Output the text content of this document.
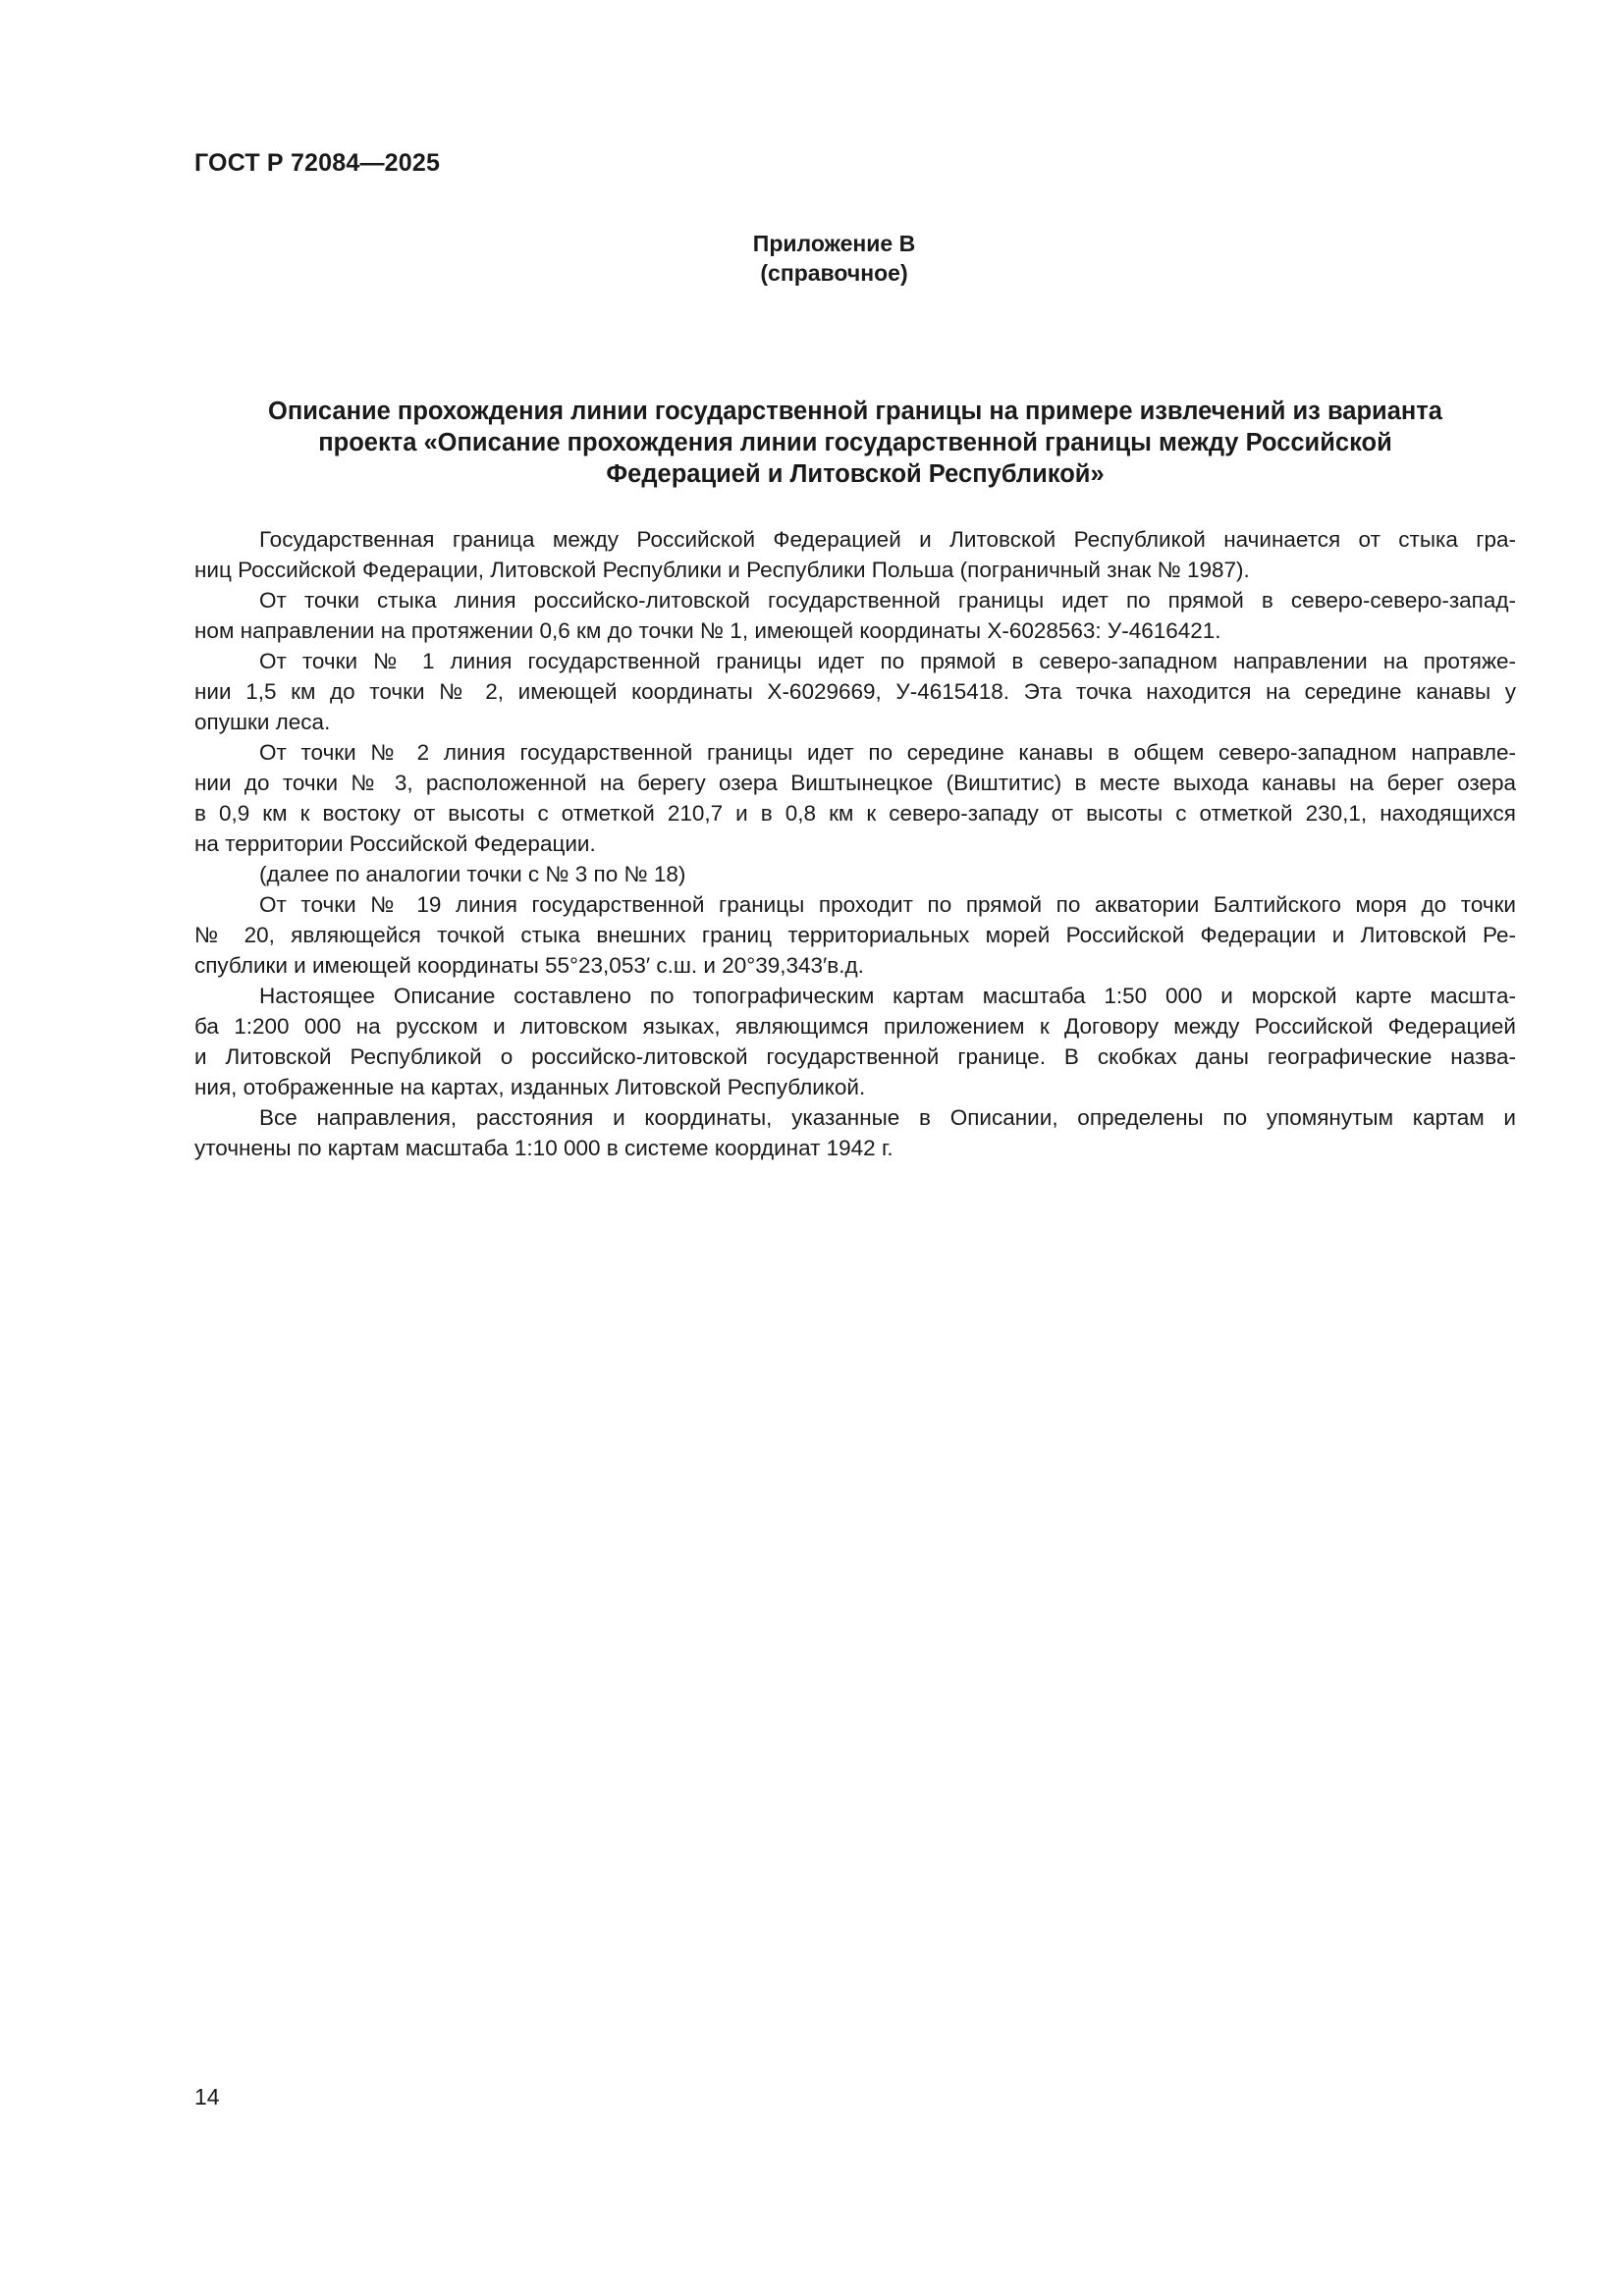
ГОСТ Р 72084—2025
Приложение В
(справочное)
Описание прохождения линии государственной границы на примере извлечений из варианта
проекта «Описание прохождения линии государственной границы между Российской
Федерацией и Литовской Республикой»
Государственная граница между Российской Федерацией и Литовской Республикой начинается от стыка гра-
ниц Российской Федерации, Литовской Республики и Республики Польша (пограничный знак № 1987).
От точки стыка линия российско-литовской государственной границы идет по прямой в северо-северо-запад-
ном направлении на протяжении 0,6 км до точки № 1, имеющей координаты Х-6028563: У-4616421.
От точки № 1 линия государственной границы идет по прямой в северо-западном направлении на протяже-
нии 1,5 км до точки № 2, имеющей координаты Х-6029669, У-4615418. Эта точка находится на середине канавы у
опушки леса.
От точки № 2 линия государственной границы идет по середине канавы в общем северо-западном направле-
нии до точки № 3, расположенной на берегу озера Виштынецкое (Виштитис) в месте выхода канавы на берег озера
в 0,9 км к востоку от высоты с отметкой 210,7 и в 0,8 км к северо-западу от высоты с отметкой 230,1, находящихся
на территории Российской Федерации.
(далее по аналогии точки с № 3 по № 18)
От точки № 19 линия государственной границы проходит по прямой по акватории Балтийского моря до точки
№ 20, являющейся точкой стыка внешних границ территориальных морей Российской Федерации и Литовской Ре-
спублики и имеющей координаты 55°23,053′ с.ш. и 20°39,343′в.д.
Настоящее Описание составлено по топографическим картам масштаба 1:50 000 и морской карте масшта-
ба 1:200 000 на русском и литовском языках, являющимся приложением к Договору между Российской Федерацией
и Литовской Республикой о российско-литовской государственной границе. В скобках даны географические назва-
ния, отображенные на картах, изданных Литовской Республикой.
Все направления, расстояния и координаты, указанные в Описании, определены по упомянутым картам и
уточнены по картам масштаба 1:10 000 в системе координат 1942 г.
14
